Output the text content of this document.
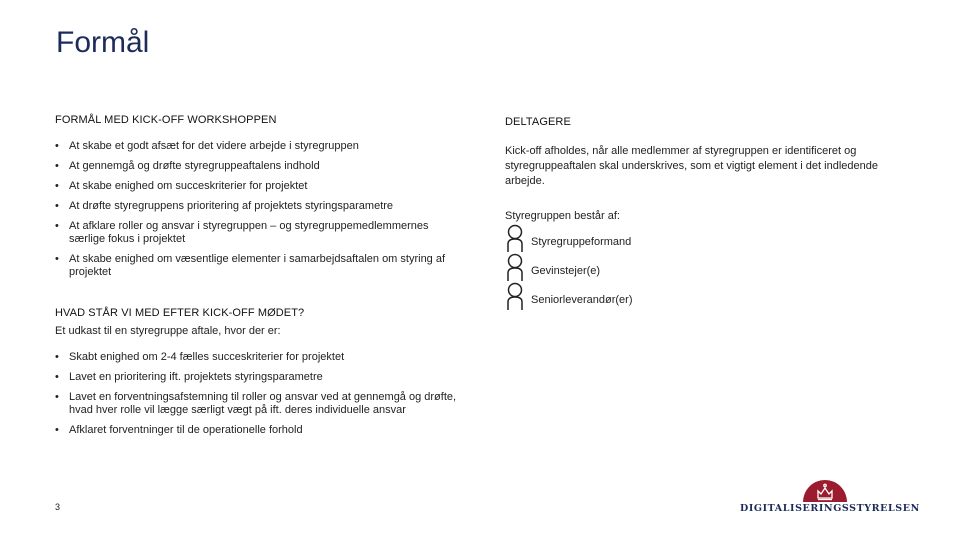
Formål

FORMÅL MED KICK-OFF WORKSHOPPEN

• At skabe et godt afsæt for det videre arbejde i styregruppen
• At gennemgå og drøfte styregruppeaftalens indhold
• At skabe enighed om succeskriterier for projektet
• At drøfte styregruppens prioritering af projektets styringsparametre
• At afklare roller og ansvar i styregruppen – og styregruppemedlemmernes særlige fokus i projektet
• At skabe enighed om væsentlige elementer i samarbejdsaftalen om styring af projektet

HVAD STÅR VI MED EFTER KICK-OFF MØDET?

Et udkast til en styregruppe aftale, hvor der er:

• Skabt enighed om 2-4 fælles succeskriterier for projektet
• Lavet en prioritering ift. projektets styringsparametre
• Lavet en forventningsafstemning til roller og ansvar ved at gennemgå og drøfte, hvad hver rolle vil lægge særligt vægt på ift. deres individuelle ansvar
• Afklaret forventninger til de operationelle forhold

DELTAGERE

Kick-off afholdes, når alle medlemmer af styregruppen er identificeret og styregruppeaftalen skal underskrives, som et vigtigt element i det indledende arbejde.

Styregruppen består af:

Styregruppeformand
Gevinstejer(e)
Seniorleverandør(er)
3	DIGITALISERINGSSTYRELSEN
